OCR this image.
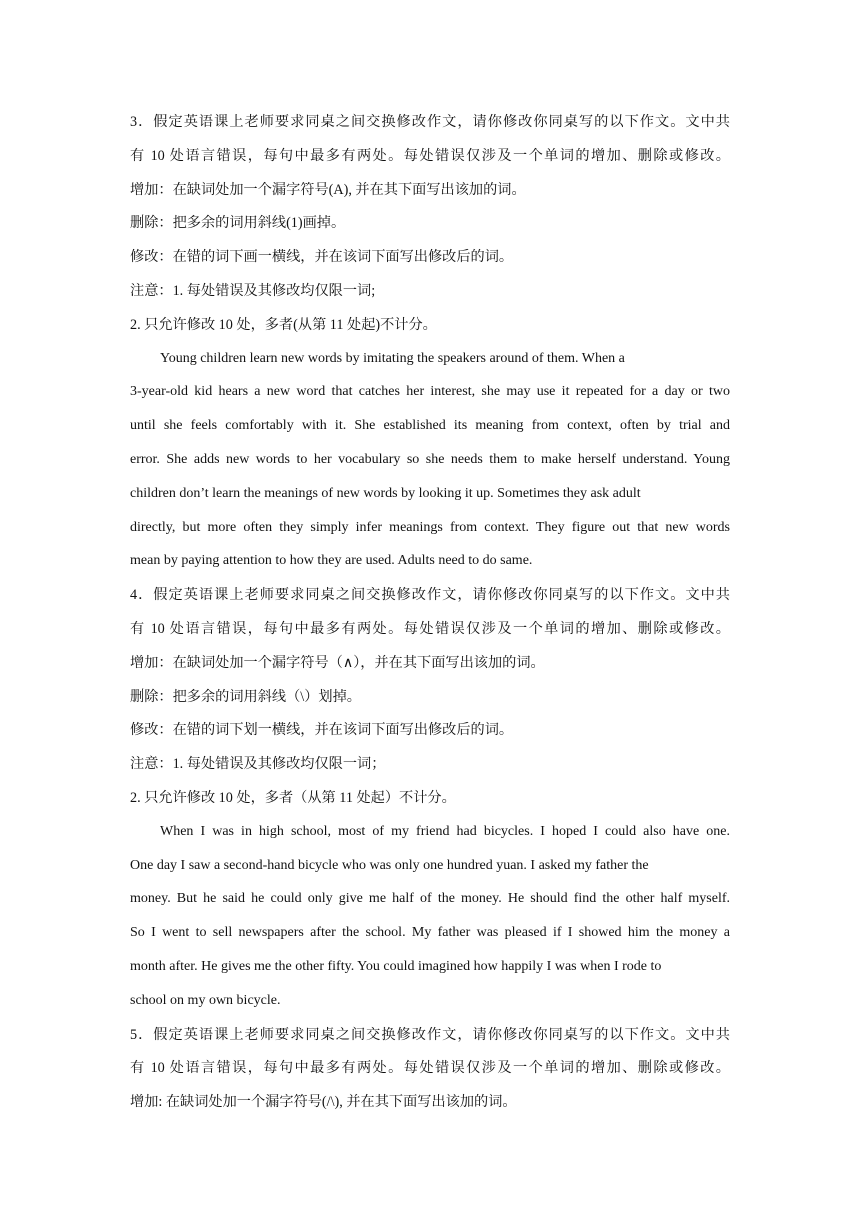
3．假定英语课上老师要求同桌之间交换修改作文，请你修改你同桌写的以下作文。文中共
有 10 处语言错误，每句中最多有两处。每处错误仅涉及一个单词的增加、删除或修改。
增加：在缺词处加一个漏字符号(A), 并在其下面写出该加的词。
删除：把多余的词用斜线(1)画掉。
修改：在错的词下画一横线，并在该词下面写出修改后的词。
注意：1. 每处错误及其修改均仅限一词;
2. 只允许修改 10 处，多者(从第 11 处起)不计分。
Young children learn new words by imitating the speakers around of them. When a
3-year-old kid hears a new word that catches her interest, she may use it repeated for a day or two
until she feels comfortably with it. She established its meaning from context, often by trial and
error. She adds new words to her vocabulary so she needs them to make herself understand. Young
children don’t learn the meanings of new words by looking it up. Sometimes they ask adult
directly, but more often they simply infer meanings from context. They figure out that new words
mean by paying attention to how they are used. Adults need to do same.
4．假定英语课上老师要求同桌之间交换修改作文，请你修改你同桌写的以下作文。文中共
有 10 处语言错误，每句中最多有两处。每处错误仅涉及一个单词的增加、删除或修改。
增加：在缺词处加一个漏字符号（∧），并在其下面写出该加的词。
删除：把多余的词用斜线（\）划掉。
修改：在错的词下划一横线，并在该词下面写出修改后的词。
注意：1. 每处错误及其修改均仅限一词；
2. 只允许修改 10 处，多者（从第 11 处起）不计分。
When I was in high school, most of my friend had bicycles. I hoped I could also have one.
One day I saw a second-hand bicycle who was only one hundred yuan. I asked my father the
money. But he said he could only give me half of the money. He should find the other half myself.
So I went to sell newspapers after the school. My father was pleased if I showed him the money a
month after. He gives me the other fifty. You could imagined how happily I was when I rode to
school on my own bicycle.
5．假定英语课上老师要求同桌之间交换修改作文，请你修改你同桌写的以下作文。文中共
有 10 处语言错误，每句中最多有两处。每处错误仅涉及一个单词的增加、删除或修改。
增加: 在缺词处加一个漏字符号(/\), 并在其下面写出该加的词。
